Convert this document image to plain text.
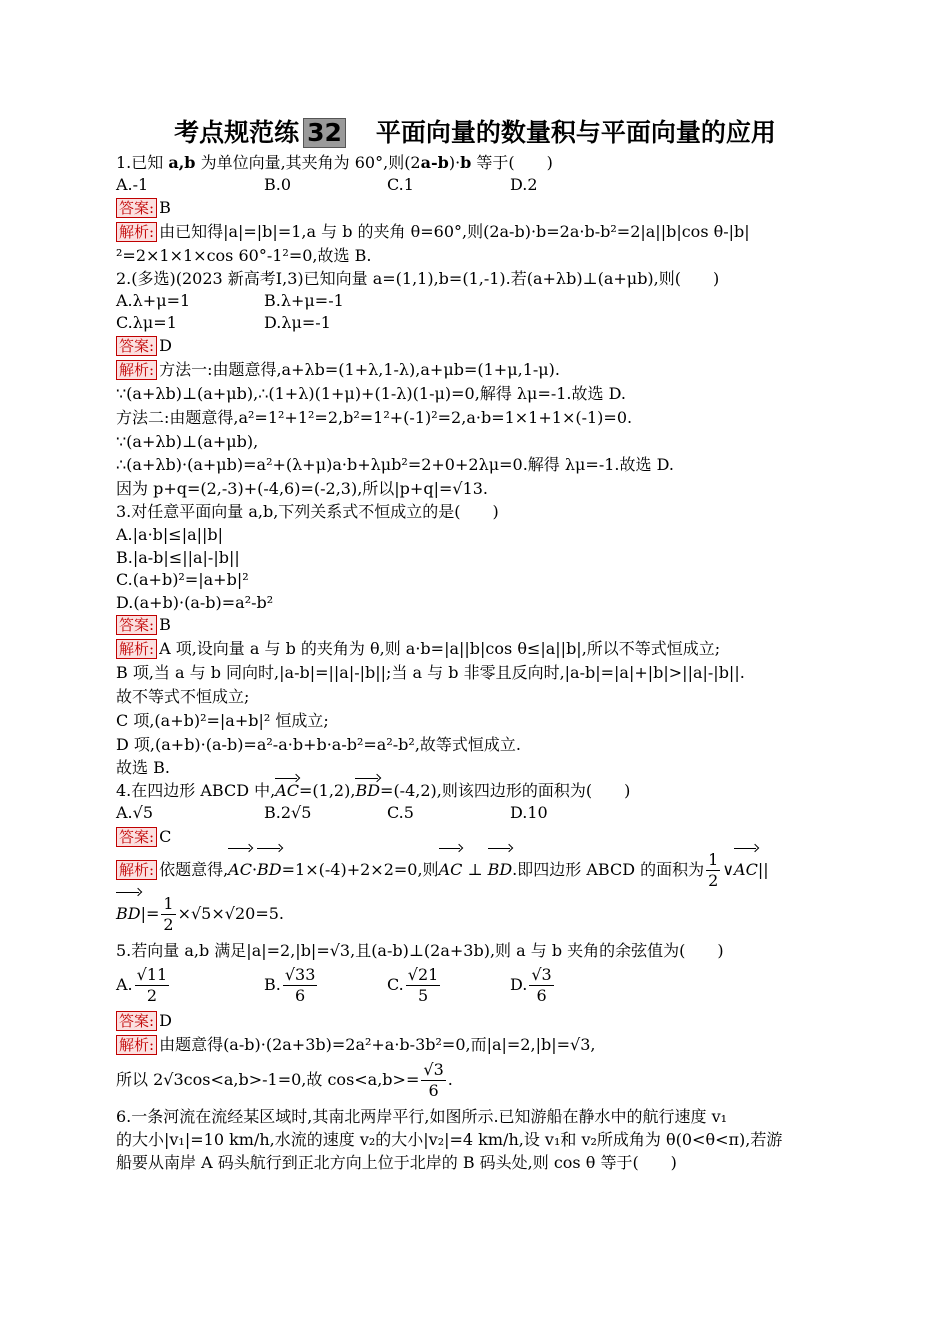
考点规范练 32 平面向量的数量积与平面向量的应用
1.已知 a,b 为单位向量,其夹角为 60°,则(2a-b)·b 等于(　　)
A.-1	B.0	C.1	D.2
答案: B
解析: 由已知得|a|=|b|=1,a 与 b 的夹角 θ=60°,则(2a-b)·b=2a·b-b²=2|a||b|cos θ-|b|
²=2×1×1×cos 60°-1²=0,故选 B.
2.(多选)(2023 新高考Ⅰ,3)已知向量 a=(1,1),b=(1,-1).若(a+λb)⊥(a+μb),则(　　)
A.λ+μ=1	B.λ+μ=-1
C.λμ=1	D.λμ=-1
答案: D
解析: 方法一:由题意得,a+λb=(1+λ,1-λ),a+μb=(1+μ,1-μ).
∵(a+λb)⊥(a+μb),∴(1+λ)(1+μ)+(1-λ)(1-μ)=0,解得 λμ=-1.故选 D.
方法二:由题意得,a²=1²+1²=2,b²=1²+(-1)²=2,a·b=1×1+1×(-1)=0.
∵(a+λb)⊥(a+μb),
∴(a+λb)·(a+μb)=a²+(λ+μ)a·b+λμb²=2+0+2λμ=0.解得 λμ=-1.故选 D.
因为 p+q=(2,-3)+(-4,6)=(-2,3),所以|p+q|=√13.
3.对任意平面向量 a,b,下列关系式不恒成立的是(　　)
A.|a·b|≤|a||b|
B.|a-b|≤||a|-|b||
C.(a+b)²=|a+b|²
D.(a+b)·(a-b)=a²-b²
答案: B
解析: A 项,设向量 a 与 b 的夹角为 θ,则 a·b=|a||b|cos θ≤|a||b|,所以不等式恒成立;
B 项,当 a 与 b 同向时,|a-b|=||a|-|b||;当 a 与 b 非零且反向时,|a-b|=|a|+|b|>||a|-|b||.
故不等式不恒成立;
C 项,(a+b)²=|a+b|² 恒成立;
D 项,(a+b)·(a-b)=a²-a·b+b·a-b²=a²-b²,故等式恒成立.
故选 B.
4.在四边形 ABCD 中,AC=(1,2),BD=(-4,2),则该四边形的面积为(　　)
A.√5	B.2√5	C.5	D.10
答案: C
解析: 依题意得,AC·BD=1×(-4)+2×2=0,则AC ⊥ BD.即四边形 ABCD 的面积为 $\frac{1}{2}$ ∨AC||
$BD|= \frac{1}{2} \times√5\times√20=5$.
5.若向量 a,b 满足|a|=2,|b|=√3,且(a-b)⊥(2a+3b),则 a 与 b 夹角的余弦值为(　　)
A. $\frac{√11}{2}$	B. $\frac{√33}{6}$	C. $\frac{√21}{5}$	D. $\frac{√3}{6}$
答案: D
解析: 由题意得(a-b)·(2a+3b)=2a²+a·b-3b²=0,而|a|=2,|b|=√3,
所以 2√3cos<a,b>-1=0,故 $\cos<a,b>= \frac{√3}{6}$ .
6.一条河流在流经某区域时,其南北两岸平行,如图所示.已知游船在静水中的航行速度 v₁
的大小|v₁|=10 km/h,水流的速度 v₂的大小|v₂|=4 km/h,设 v₁和 v₂所成角为 θ(0<θ<π),若游
船要从南岸 A 码头航行到正北方向上位于北岸的 B 码头处,则 cos θ 等于(　　)
